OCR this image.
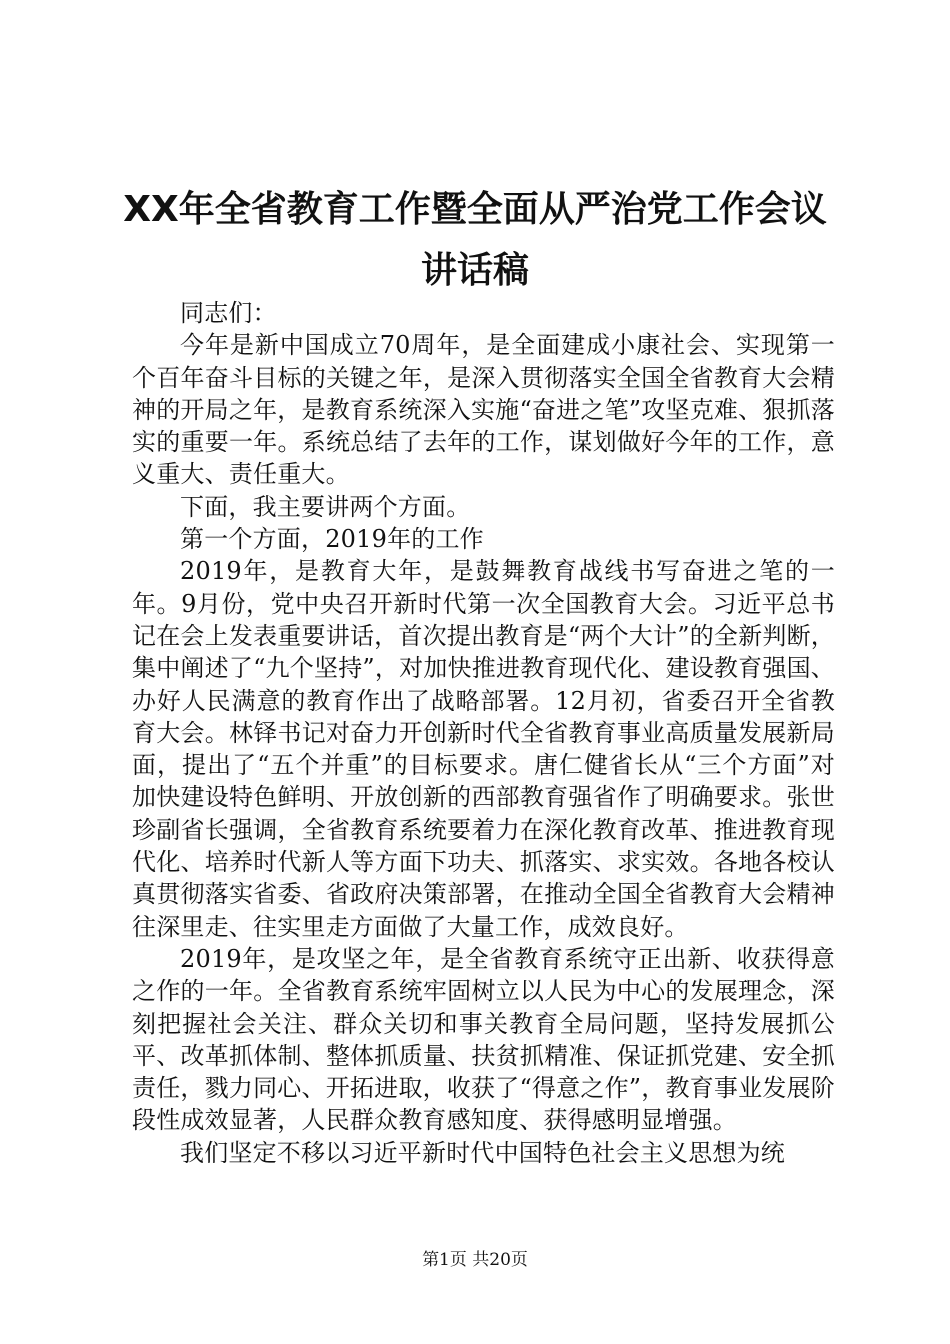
XX年全省教育工作暨全面从严治党工作会议
讲话稿

同志们：

今年是新中国成立70周年，是全面建成小康社会、实现第一个百年奋斗目标的关键之年，是深入贯彻落实全国全省教育大会精神的开局之年，是教育系统深入实施“奋进之笔”攻坚克难、狠抓落实的重要一年。系统总结了去年的工作，谋划做好今年的工作，意义重大、责任重大。

下面，我主要讲两个方面。

第一个方面，2019年的工作

2019年，是教育大年，是鼓舞教育战线书写奋进之笔的一年。9月份，党中央召开新时代第一次全国教育大会。习近平总书记在会上发表重要讲话，首次提出教育是“两个大计”的全新判断，集中阐述了“九个坚持”，对加快推进教育现代化、建设教育强国、办好人民满意的教育作出了战略部署。12月初，省委召开全省教育大会。林铎书记对奋力开创新时代全省教育事业高质量发展新局面，提出了“五个并重”的目标要求。唐仁健省长从“三个方面”对加快建设特色鲜明、开放创新的西部教育强省作了明确要求。张世珍副省长强调，全省教育系统要着力在深化教育改革、推进教育现代化、培养时代新人等方面下功夫、抓落实、求实效。各地各校认真贯彻落实省委、省政府决策部署，在推动全国全省教育大会精神往深里走、往实里走方面做了大量工作，成效良好。

2019年，是攻坚之年，是全省教育系统守正出新、收获得意之作的一年。全省教育系统牢固树立以人民为中心的发展理念，深刻把握社会关注、群众关切和事关教育全局问题，坚持发展抓公平、改革抓体制、整体抓质量、扶贫抓精准、保证抓党建、安全抓责任，戮力同心、开拓进取，收获了“得意之作”，教育事业发展阶段性成效显著，人民群众教育感知度、获得感明显增强。

我们坚定不移以习近平新时代中国特色社会主义思想为统

第1页 共20页
